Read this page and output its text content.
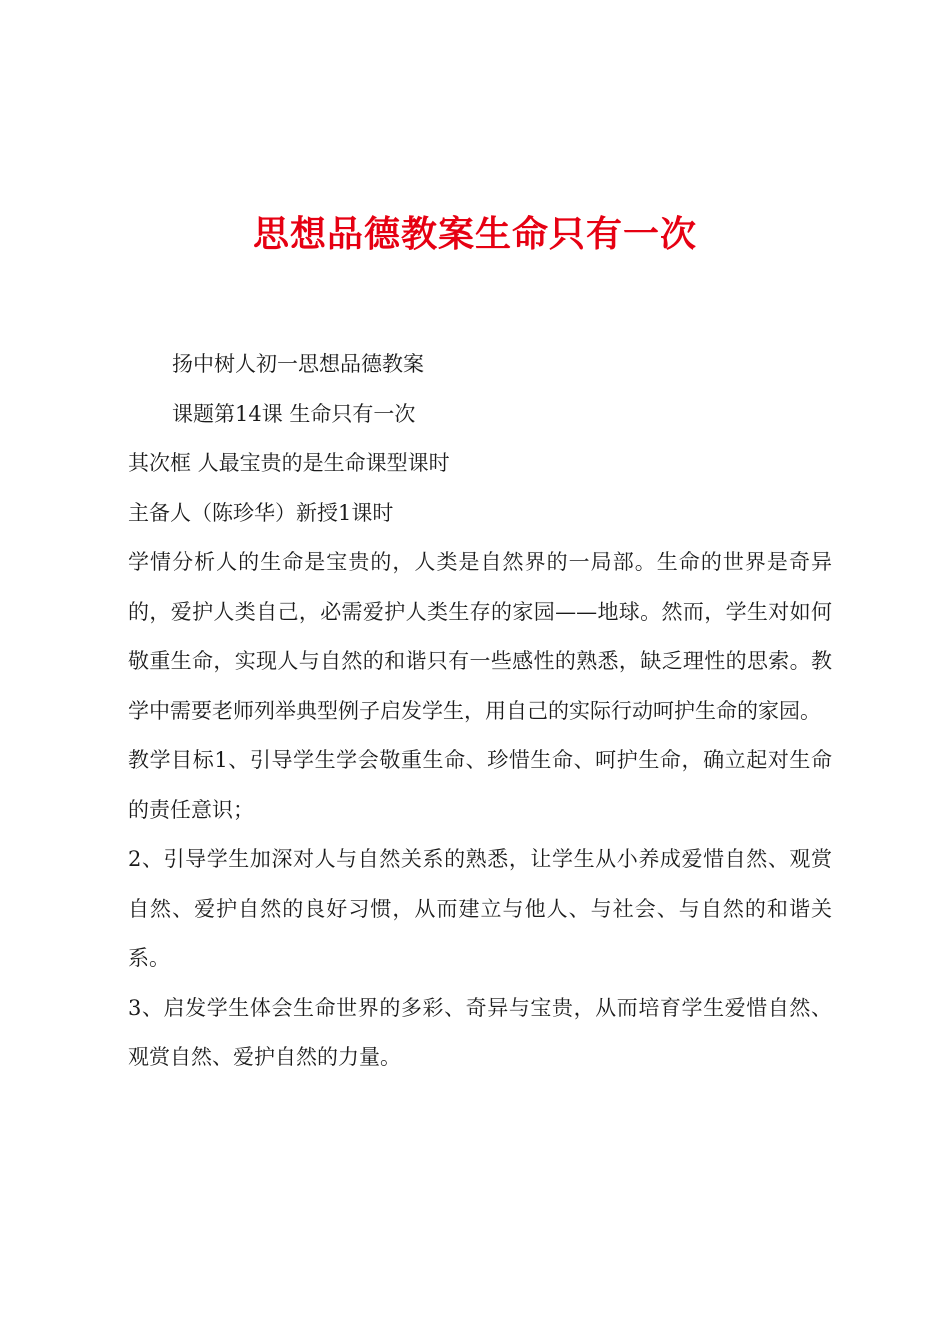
思想品德教案生命只有一次
扬中树人初一思想品德教案
课题第14课 生命只有一次
其次框 人最宝贵的是生命课型课时
主备人（陈珍华）新授1课时

学情分析人的生命是宝贵的，人类是自然界的一局部。生命的世界是奇异的，爱护人类自己，必需爱护人类生存的家园——地球。然而，学生对如何敬重生命，实现人与自然的和谐只有一些感性的熟悉，缺乏理性的思索。教学中需要老师列举典型例子启发学生，用自己的实际行动呵护生命的家园。

教学目标1、引导学生学会敬重生命、珍惜生命、呵护生命，确立起对生命的责任意识；

2、引导学生加深对人与自然关系的熟悉，让学生从小养成爱惜自然、观赏自然、爱护自然的良好习惯，从而建立与他人、与社会、与自然的和谐关系。

3、启发学生体会生命世界的多彩、奇异与宝贵，从而培育学生爱惜自然、观赏自然、爱护自然的力量。
